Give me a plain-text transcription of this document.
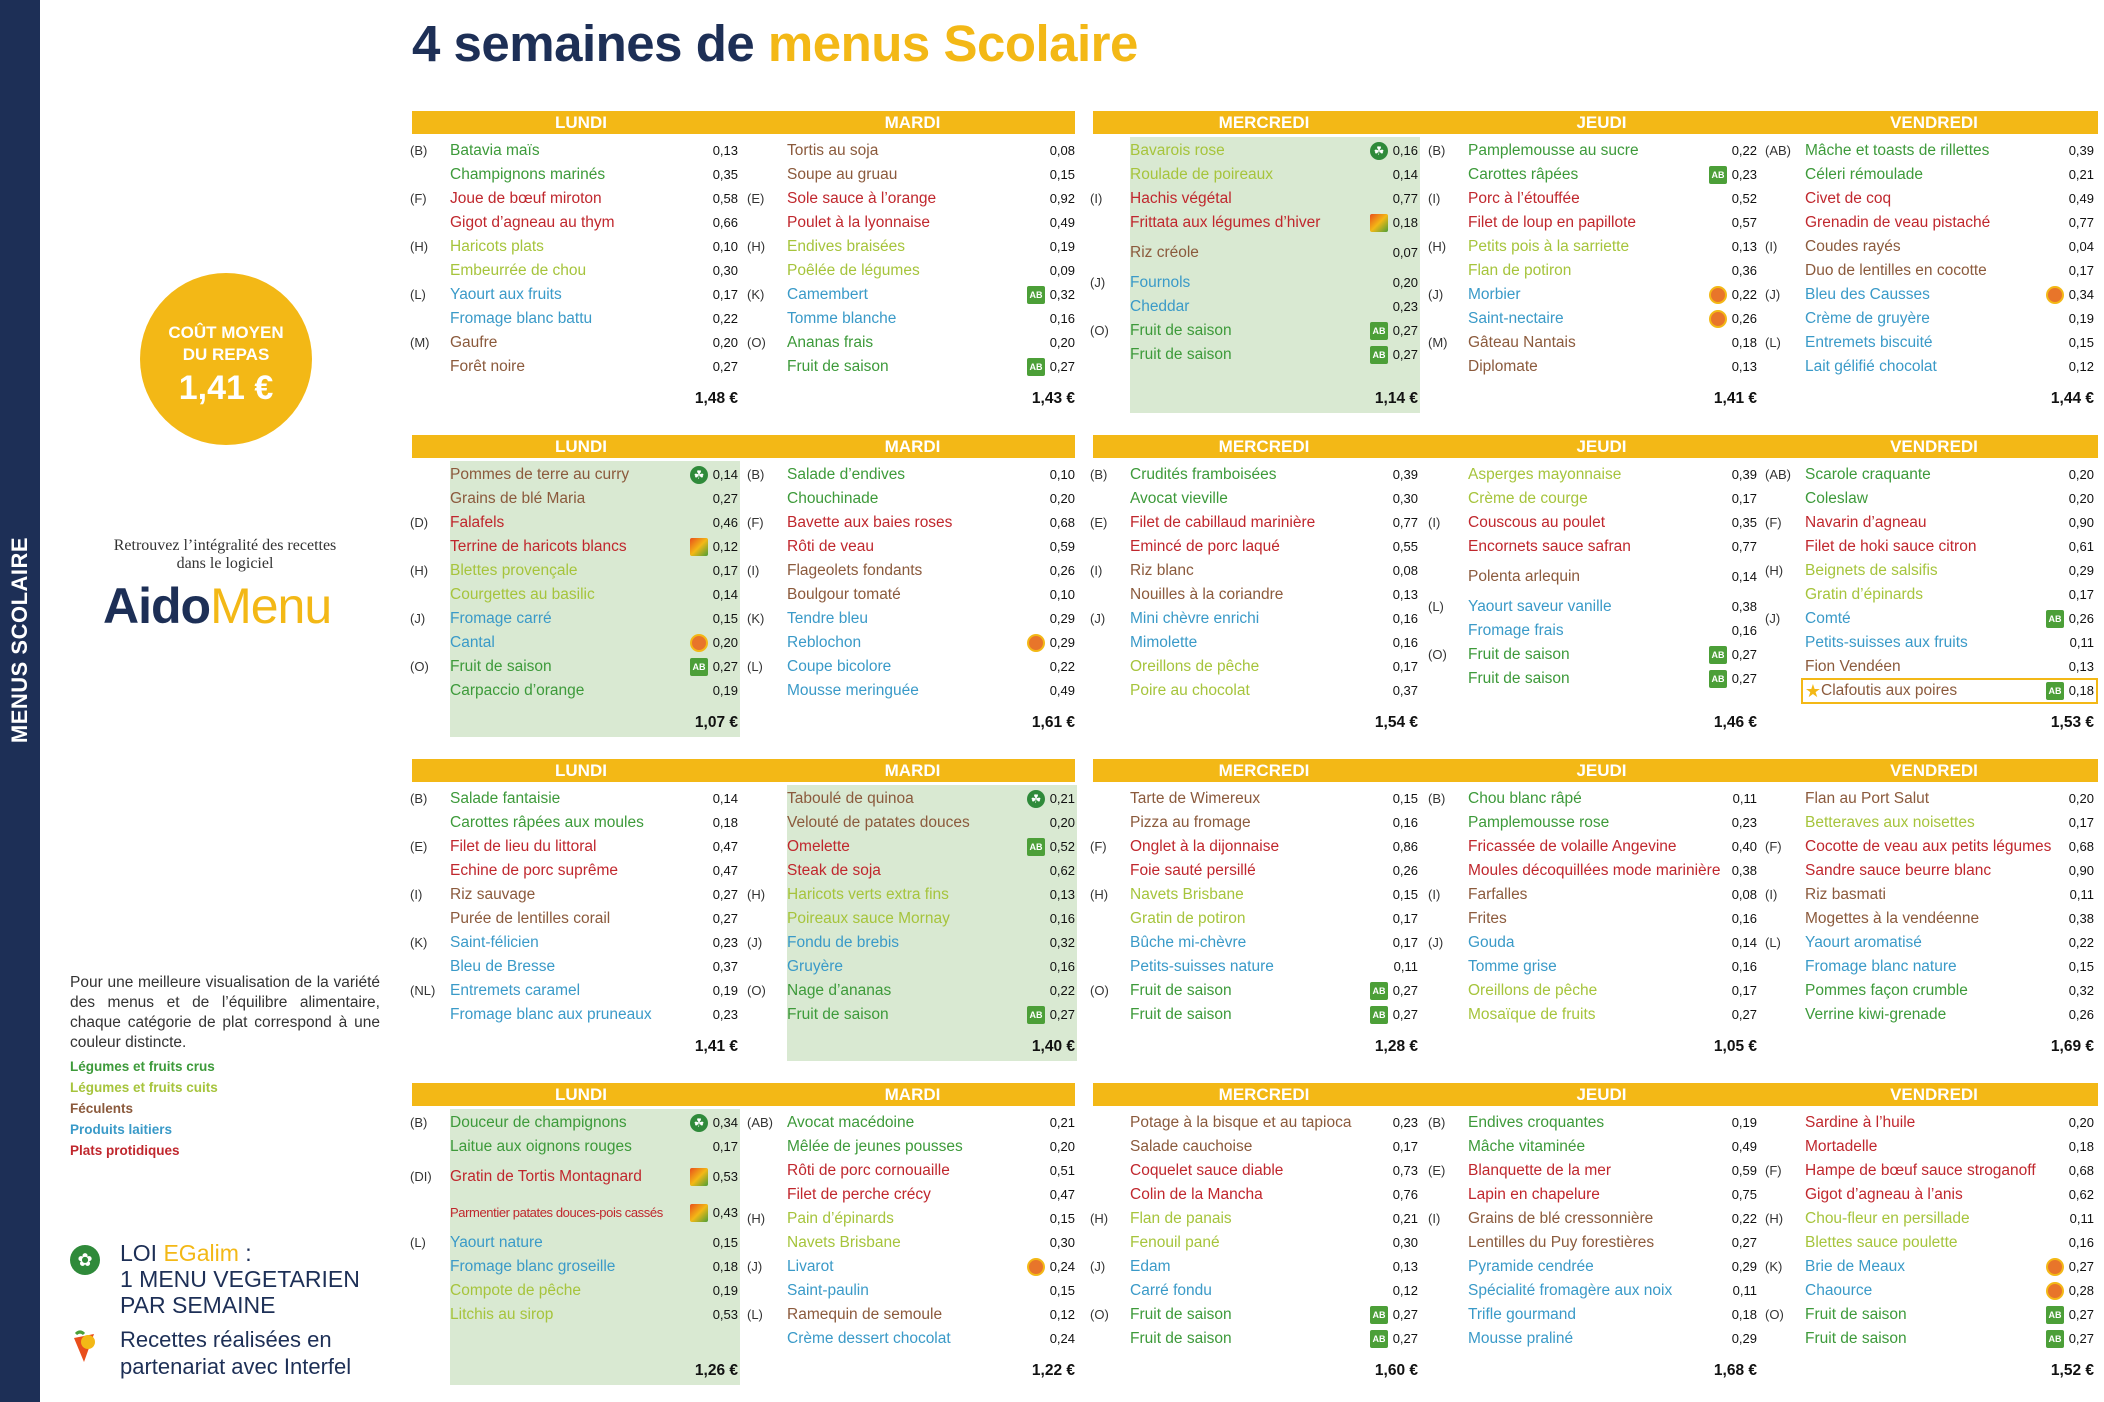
MENUS SCOLAIRE
4 semaines de menus Scolaire
COÛT MOYEN
DU REPAS
1,41 €
Retrouvez l’intégralité des recettes dans le logiciel
AidoMenu
Pour une meilleure visualisation de la variété des menus et de l’équilibre alimentaire, chaque catégorie de plat correspond à une couleur distincte.
Légumes et fruits crus
Légumes et fruits cuits
Féculents
Produits laitiers
Plats protidiques
✿	LOI EGalim :
1 MENU VEGETARIEN
PAR SEMAINE
Recettes réalisées en partenariat avec Interfel
LUNDI
(B) Batavia maïs	0,13
Champignons marinés	0,35
(F) Joue de bœuf miroton	0,58
Gigot d’agneau au thym	0,66
(H) Haricots plats	0,10
Embeurrée de chou	0,30
(L) Yaourt aux fruits	0,17
Fromage blanc battu	0,22
(M) Gaufre	0,20
Forêt noire	0,27
1,48 €
MARDI
Tortis au soja	0,08
Soupe au gruau	0,15
(E) Sole sauce à l’orange	0,92
Poulet à la lyonnaise	0,49
(H) Endives braisées	0,19
Poêlée de légumes	0,09
(K) Camembert	AB 0,32
Tomme blanche	0,16
(O) Ananas frais	0,20
Fruit de saison	AB 0,27
1,43 €
MERCREDI
Bavarois rose	☘ 0,16
Roulade de poireaux	0,14
(I) Hachis végétal	0,77
Frittata aux légumes d’hiver	0,18
Riz créole	0,07
(J) Fournols	0,20
Cheddar	0,23
(O) Fruit de saison	AB 0,27
Fruit de saison	AB 0,27
1,14 €
JEUDI
(B) Pamplemousse au sucre	0,22
Carottes râpées	AB 0,23
(I) Porc à l’étouffée	0,52
Filet de loup en papillote	0,57
(H) Petits pois à la sarriette	0,13
Flan de potiron	0,36
(J) Morbier	0,22
Saint-nectaire	0,26
(M) Gâteau Nantais	0,18
Diplomate	0,13
1,41 €
VENDREDI
(AB) Mâche et toasts de rillettes	0,39
Céleri rémoulade	0,21
Civet de coq	0,49
Grenadin de veau pistaché	0,77
(I) Coudes rayés	0,04
Duo de lentilles en cocotte	0,17
(J) Bleu des Causses	0,34
Crème de gruyère	0,19
(L) Entremets biscuité	0,15
Lait gélifié chocolat	0,12
1,44 €
LUNDI
Pommes de terre au curry	☘ 0,14
Grains de blé Maria	0,27
(D) Falafels	0,46
Terrine de haricots blancs	0,12
(H) Blettes provençale	0,17
Courgettes au basilic	0,14
(J) Fromage carré	0,15
Cantal	0,20
(O) Fruit de saison	AB 0,27
Carpaccio d’orange	0,19
1,07 €
MARDI
(B) Salade d’endives	0,10
Chouchinade	0,20
(F) Bavette aux baies roses	0,68
Rôti de veau	0,59
(I) Flageolets fondants	0,26
Boulgour tomaté	0,10
(K) Tendre bleu	0,29
Reblochon	0,29
(L) Coupe bicolore	0,22
Mousse meringuée	0,49
1,61 €
MERCREDI
(B) Crudités framboisées	0,39
Avocat vieville	0,30
(E) Filet de cabillaud marinière	0,77
Emincé de porc laqué	0,55
(I) Riz blanc	0,08
Nouilles à la coriandre	0,13
(J) Mini chèvre enrichi	0,16
Mimolette	0,16
Oreillons de pêche	0,17
Poire au chocolat	0,37
1,54 €
JEUDI
Asperges mayonnaise	0,39
Crème de courge	0,17
(I) Couscous au poulet	0,35
Encornets sauce safran	0,77
Polenta arlequin	0,14
(L) Yaourt saveur vanille	0,38
Fromage frais	0,16
(O) Fruit de saison	AB 0,27
Fruit de saison	AB 0,27
1,46 €
VENDREDI
(AB) Scarole craquante	0,20
Coleslaw	0,20
(F) Navarin d’agneau	0,90
Filet de hoki sauce citron	0,61
(H) Beignets de salsifis	0,29
Gratin d’épinards	0,17
(J) Comté	AB 0,26
Petits-suisses aux fruits	0,11
Fion Vendéen	0,13
Clafoutis aux poires	AB 0,18
★
1,53 €
LUNDI
(B) Salade fantaisie	0,14
Carottes râpées aux moules	0,18
(E) Filet de lieu du littoral	0,47
Echine de porc suprême	0,47
(I) Riz sauvage	0,27
Purée de lentilles corail	0,27
(K) Saint-félicien	0,23
Bleu de Bresse	0,37
(NL) Entremets caramel	0,19
Fromage blanc aux pruneaux	0,23
1,41 €
MARDI
Taboulé de quinoa	☘ 0,21
Velouté de patates douces	0,20
Omelette	AB 0,52
Steak de soja	0,62
(H) Haricots verts extra fins	0,13
Poireaux sauce Mornay	0,16
(J) Fondu de brebis	0,32
Gruyère	0,16
(O) Nage d’ananas	0,22
Fruit de saison	AB 0,27
1,40 €
MERCREDI
Tarte de Wimereux	0,15
Pizza au fromage	0,16
(F) Onglet à la dijonnaise	0,86
Foie sauté persillé	0,26
(H) Navets Brisbane	0,15
Gratin de potiron	0,17
Bûche mi-chèvre	0,17
Petits-suisses nature	0,11
(O) Fruit de saison	AB 0,27
Fruit de saison	AB 0,27
1,28 €
JEUDI
(B) Chou blanc râpé	0,11
Pamplemousse rose	0,23
Fricassée de volaille Angevine	0,40
Moules décoquillées mode marinière 0,38
(I) Farfalles	0,08
Frites	0,16
(J) Gouda	0,14
Tomme grise	0,16
Oreillons de pêche	0,17
Mosaïque de fruits	0,27
1,05 €
VENDREDI
Flan au Port Salut	0,20
Betteraves aux noisettes	0,17
(F) Cocotte de veau aux petits légumes	0,68
Sandre sauce beurre blanc	0,90
(I) Riz basmati	0,11
Mogettes à la vendéenne	0,38
(L) Yaourt aromatisé	0,22
Fromage blanc nature	0,15
Pommes façon crumble	0,32
Verrine kiwi-grenade	0,26
1,69 €
LUNDI
(B) Douceur de champignons	☘ 0,34
Laitue aux oignons rouges	0,17
(DI) Gratin de Tortis Montagnard	0,53
Parmentier patates douces-pois cassés	0,43
(L) Yaourt nature	0,15
Fromage blanc groseille	0,18
Compote de pêche	0,19
Litchis au sirop	0,53
1,26 €
MARDI
(AB) Avocat macédoine	0,21
Mêlée de jeunes pousses	0,20
Rôti de porc cornouaille	0,51
Filet de perche crécy	0,47
(H) Pain d’épinards	0,15
Navets Brisbane	0,30
(J) Livarot	0,24
Saint-paulin	0,15
(L) Ramequin de semoule	0,12
Crème dessert chocolat	0,24
1,22 €
MERCREDI
Potage à la bisque et au tapioca	0,23
Salade cauchoise	0,17
Coquelet sauce diable	0,73
Colin de la Mancha	0,76
(H) Flan de panais	0,21
Fenouil pané	0,30
(J) Edam	0,13
Carré fondu	0,12
(O) Fruit de saison	AB 0,27
Fruit de saison	AB 0,27
1,60 €
JEUDI
(B) Endives croquantes	0,19
Mâche vitaminée	0,49
(E) Blanquette de la mer	0,59
Lapin en chapelure	0,75
(I) Grains de blé cressonnière	0,22
Lentilles du Puy forestières	0,27
Pyramide cendrée	0,29
Spécialité fromagère aux noix	0,11
Trifle gourmand	0,18
Mousse praliné	0,29
1,68 €
VENDREDI
Sardine à l’huile	0,20
Mortadelle	0,18
(F) Hampe de bœuf sauce stroganoff	0,68
Gigot d’agneau à l’anis	0,62
(H) Chou-fleur en persillade	0,11
Blettes sauce poulette	0,16
(K) Brie de Meaux	0,27
Chaource	0,28
(O) Fruit de saison	AB 0,27
Fruit de saison	AB 0,27
1,52 €
